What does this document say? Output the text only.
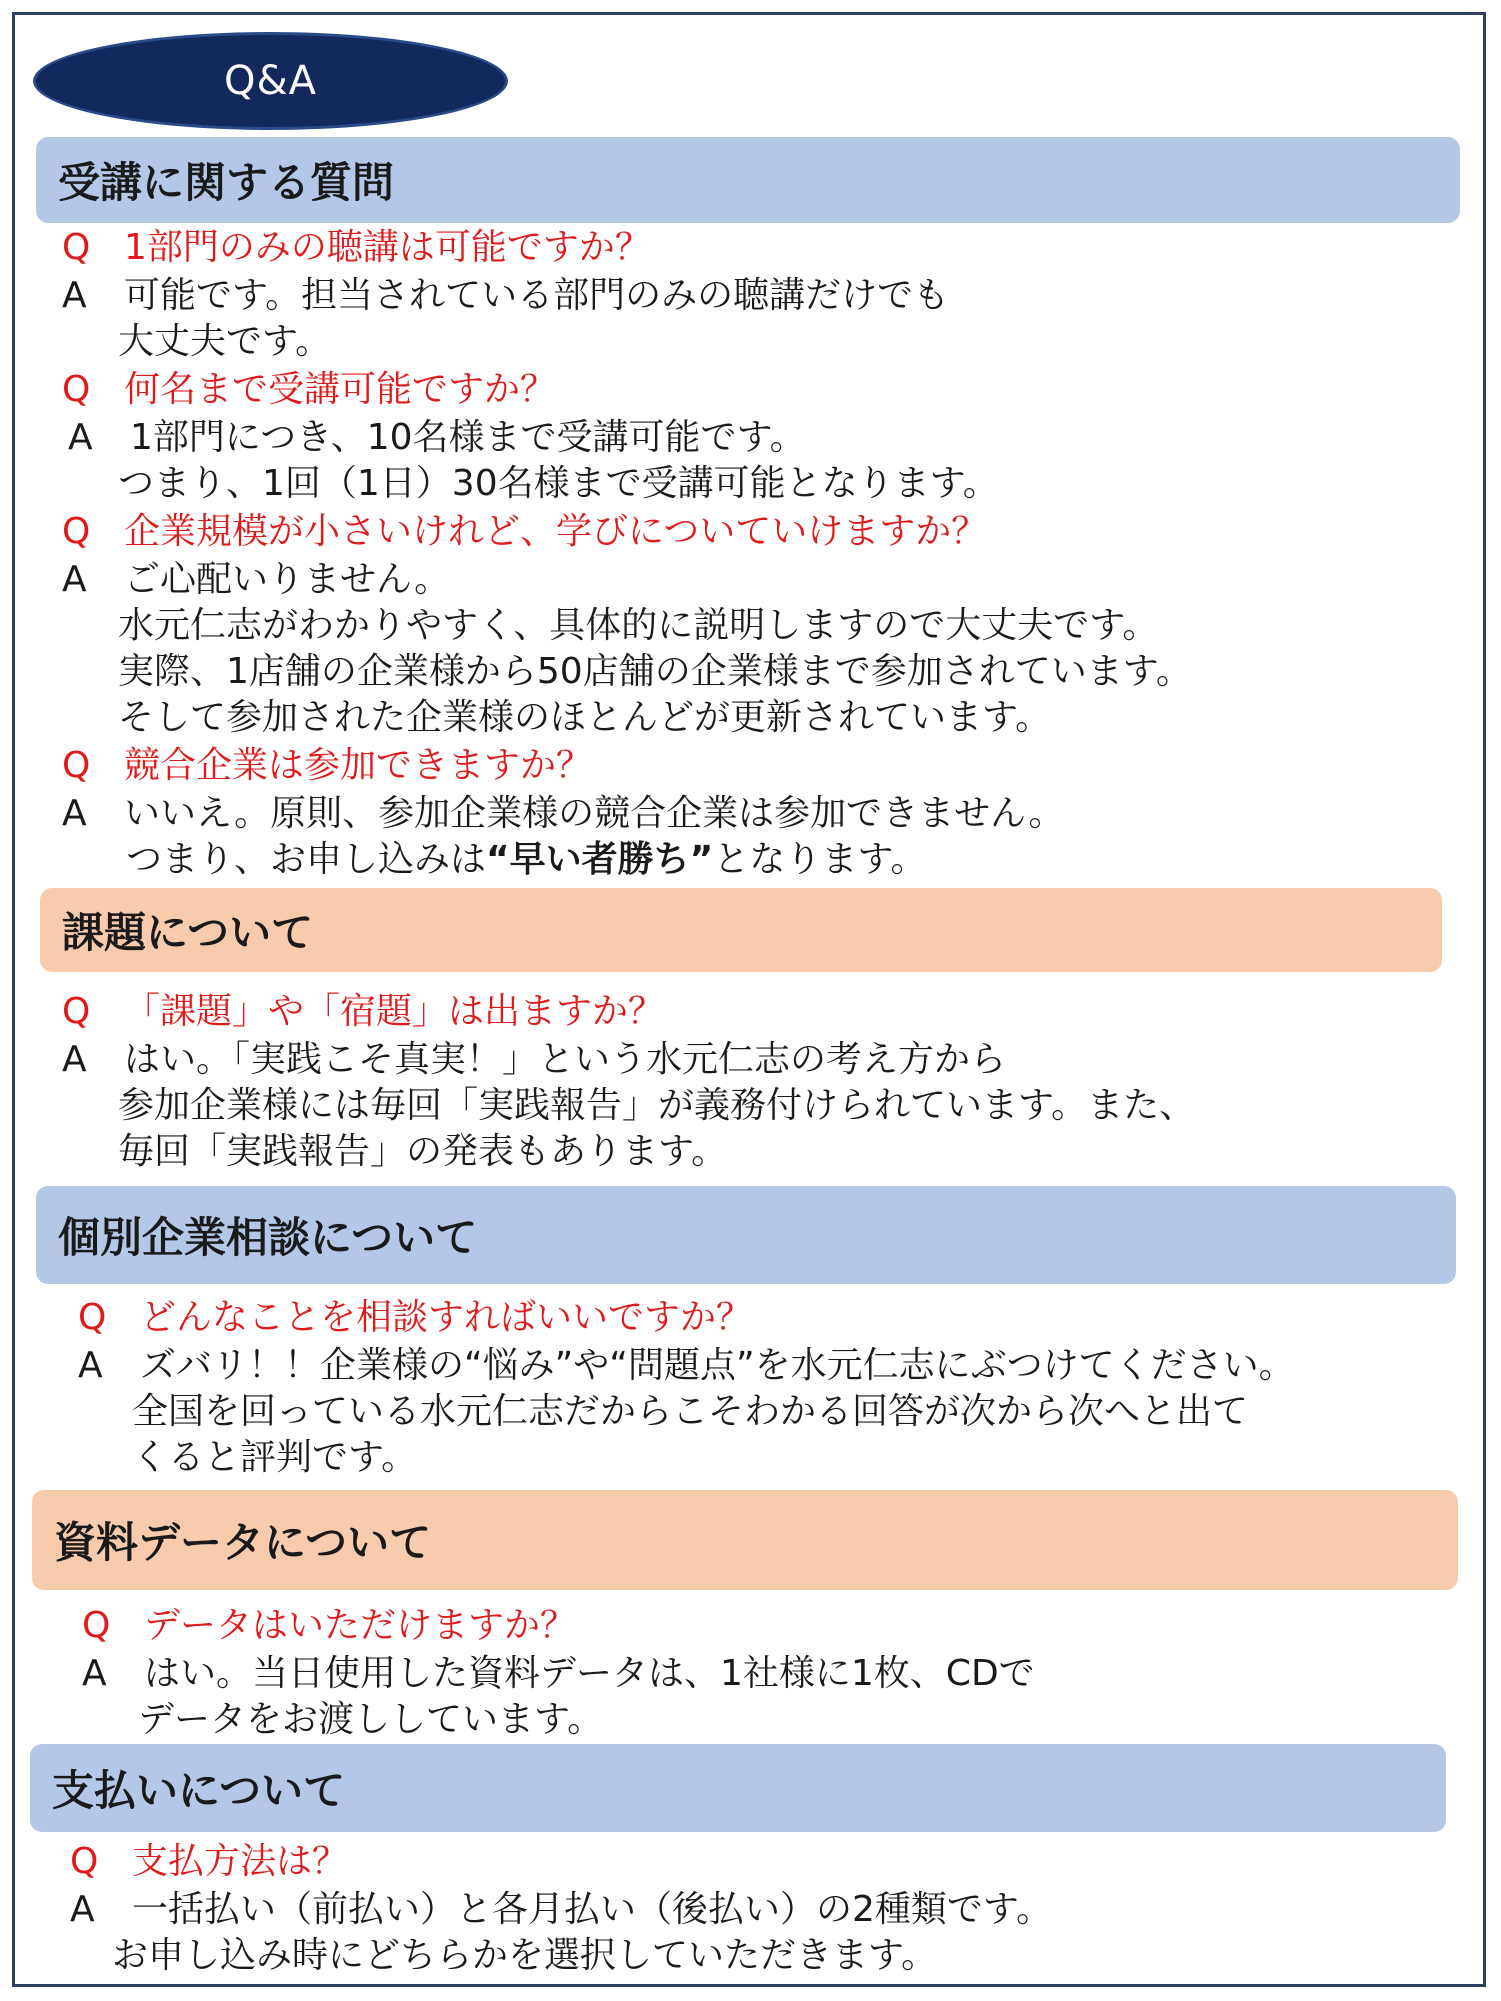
Q&A
受講に関する質問
Q 1部門のみの聴講は可能ですか？
A 可能です。担当されている部門のみの聴講だけでも
大丈夫です。
Q 何名まで受講可能ですか？
A 1部門につき、10名様まで受講可能です。
つまり、1回（1日）30名様まで受講可能となります。
Q 企業規模が小さいけれど、学びについていけますか？
A ご心配いりません。
水元仁志がわかりやすく、具体的に説明しますので大丈夫です。
実際、1店舗の企業様から50店舗の企業様まで参加されています。
そして参加された企業様のほとんどが更新されています。
Q 競合企業は参加できますか？
A いいえ。原則、参加企業様の競合企業は参加できません。
つまり、お申し込みは“早い者勝ち”となります。
課題について
Q 「課題」や「宿題」は出ますか？
A はい。「実践こそ真実！」という水元仁志の考え方から
参加企業様には毎回「実践報告」が義務付けられています。また、
毎回「実践報告」の発表もあります。
個別企業相談について
Q どんなことを相談すればいいですか？
A ズバリ！！企業様の“悩み”や“問題点”を水元仁志にぶつけてください。
全国を回っている水元仁志だからこそわかる回答が次から次へと出て
くると評判です。
資料データについて
Q データはいただけますか？
A はい。当日使用した資料データは、1社様に1枚、CDで
データをお渡ししています。
支払いについて
Q 支払方法は？
A 一括払い（前払い）と各月払い（後払い）の2種類です。
お申し込み時にどちらかを選択していただきます。
